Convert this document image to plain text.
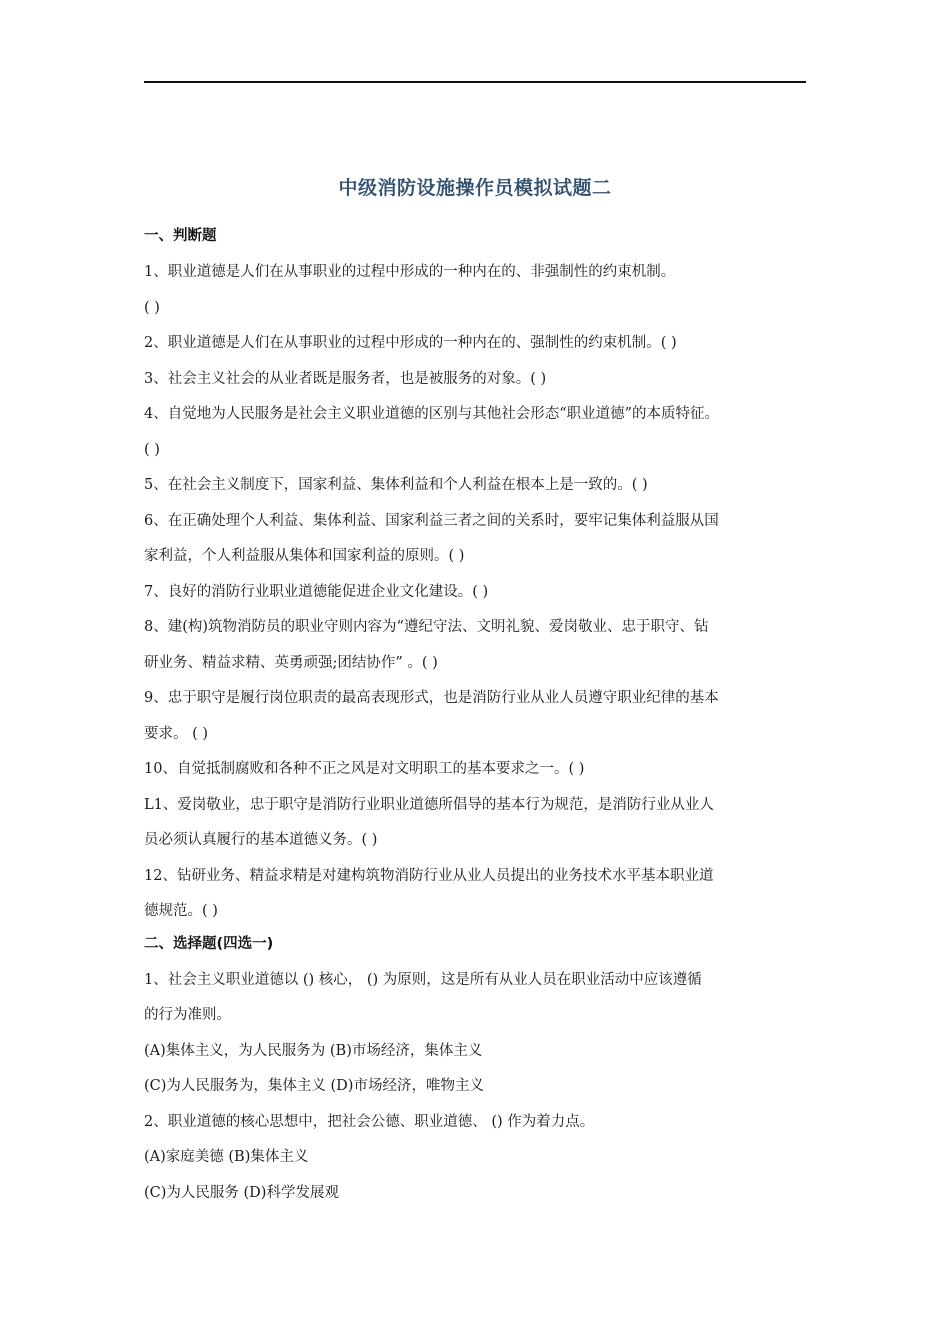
中级消防设施操作员模拟试题二
一、判断题
1、职业道德是人们在从事职业的过程中形成的一种内在的、非强制性的约束机制。
( )
2、职业道德是人们在从事职业的过程中形成的一种内在的、强制性的约束机制。( )
3、社会主义社会的从业者既是服务者，也是被服务的对象。( )
4、自觉地为人民服务是社会主义职业道德的区别与其他社会形态“职业道德”的本质特征。
( )
5、在社会主义制度下，国家利益、集体利益和个人利益在根本上是一致的。( )
6、在正确处理个人利益、集体利益、国家利益三者之间的关系时，要牢记集体利益服从国
家利益，个人利益服从集体和国家利益的原则。( )
7、良好的消防行业职业道德能促进企业文化建设。( )
8、建(构)筑物消防员的职业守则内容为“遵纪守法、文明礼貌、爱岗敬业、忠于职守、钻
研业务、精益求精、英勇顽强;团结协作” 。( )
9、忠于职守是履行岗位职责的最高表现形式，也是消防行业从业人员遵守职业纪律的基本
要求。 ( )
10、自觉抵制腐败和各种不正之风是对文明职工的基本要求之一。( )
L1、爱岗敬业，忠于职守是消防行业职业道德所倡导的基本行为规范，是消防行业从业人
员必须认真履行的基本道德义务。( )
12、钻研业务、精益求精是对建构筑物消防行业从业人员提出的业务技术水平基本职业道
德规范。( )
二、选择题(四选一)
1、社会主义职业道德以 () 核心， () 为原则，这是所有从业人员在职业活动中应该遵循
的行为准则。
(A)集体主义，为人民服务为 (B)市场经济，集体主义
(C)为人民服务为，集体主义 (D)市场经济，唯物主义
2、职业道德的核心思想中，把社会公德、职业道德、 () 作为着力点。
(A)家庭美德 (B)集体主义
(C)为人民服务 (D)科学发展观
